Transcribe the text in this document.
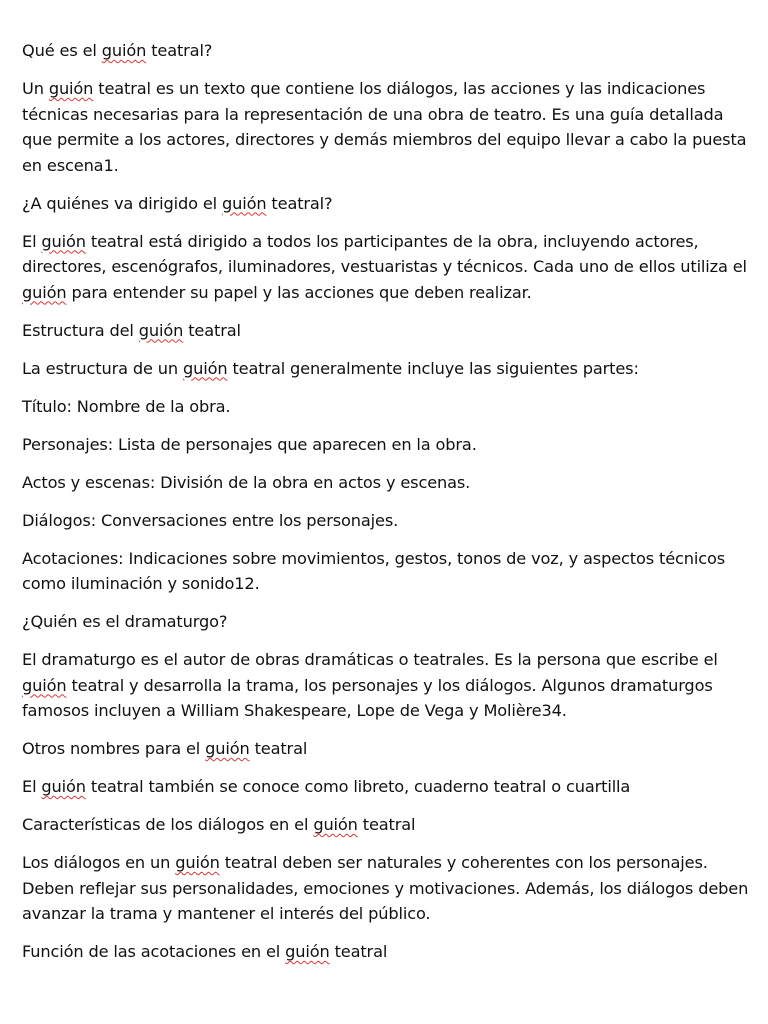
Qué es el guión teatral?

Un guión teatral es un texto que contiene los diálogos, las acciones y las indicaciones técnicas necesarias para la representación de una obra de teatro. Es una guía detallada que permite a los actores, directores y demás miembros del equipo llevar a cabo la puesta en escena1.

¿A quiénes va dirigido el guión teatral?

El guión teatral está dirigido a todos los participantes de la obra, incluyendo actores, directores, escenógrafos, iluminadores, vestuaristas y técnicos. Cada uno de ellos utiliza el guión para entender su papel y las acciones que deben realizar.

Estructura del guión teatral

La estructura de un guión teatral generalmente incluye las siguientes partes:

Título: Nombre de la obra.

Personajes: Lista de personajes que aparecen en la obra.

Actos y escenas: División de la obra en actos y escenas.

Diálogos: Conversaciones entre los personajes.

Acotaciones: Indicaciones sobre movimientos, gestos, tonos de voz, y aspectos técnicos como iluminación y sonido12.

¿Quién es el dramaturgo?

El dramaturgo es el autor de obras dramáticas o teatrales. Es la persona que escribe el guión teatral y desarrolla la trama, los personajes y los diálogos. Algunos dramaturgos famosos incluyen a William Shakespeare, Lope de Vega y Molière34.

Otros nombres para el guión teatral

El guión teatral también se conoce como libreto, cuaderno teatral o cuartilla

Características de los diálogos en el guión teatral

Los diálogos en un guión teatral deben ser naturales y coherentes con los personajes. Deben reflejar sus personalidades, emociones y motivaciones. Además, los diálogos deben avanzar la trama y mantener el interés del público.

Función de las acotaciones en el guión teatral
